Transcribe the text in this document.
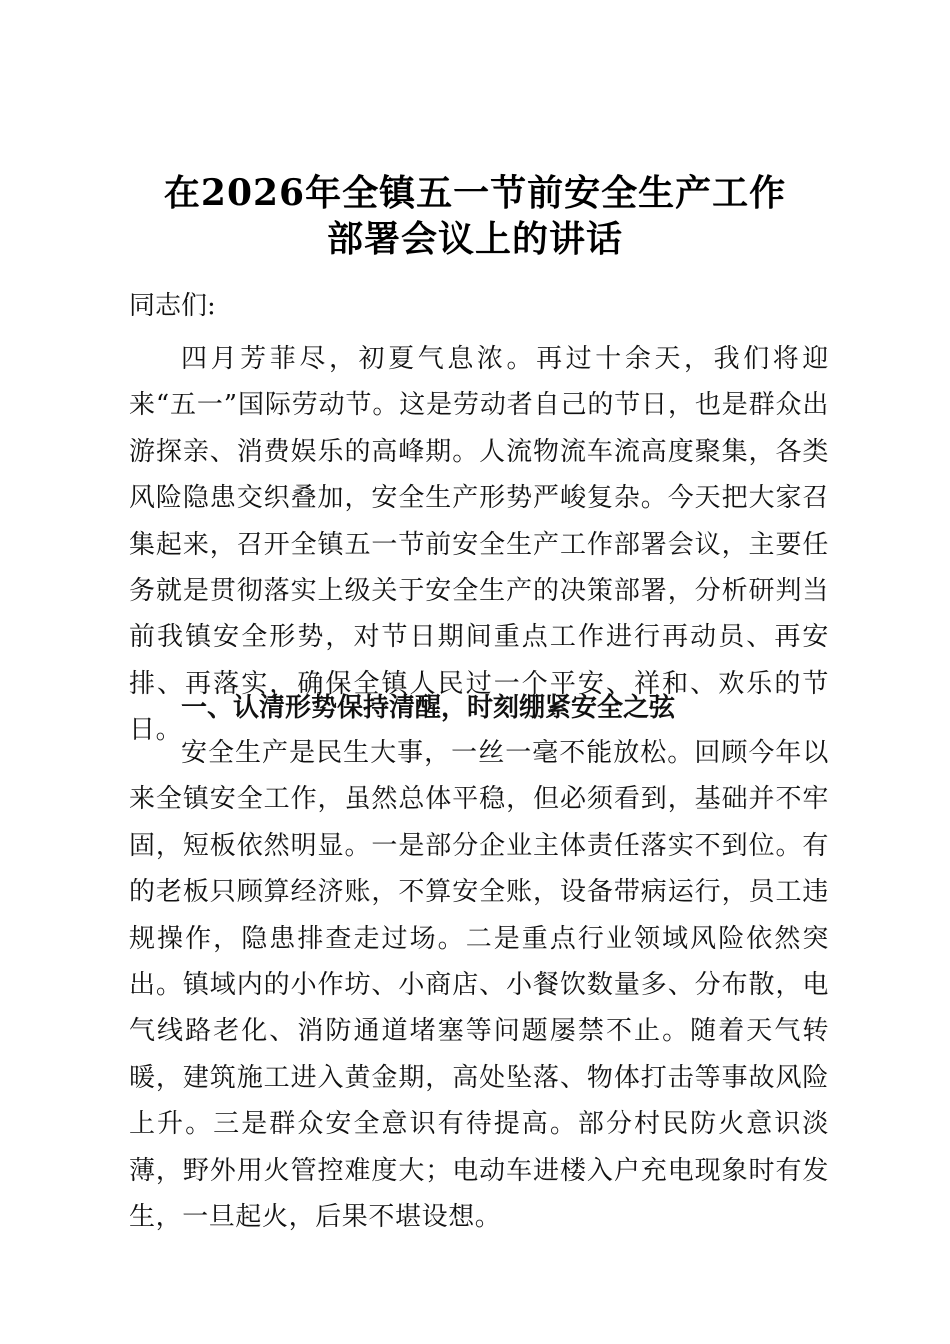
在2026年全镇五一节前安全生产工作
部署会议上的讲话
同志们:

四月芳菲尽，初夏气息浓。再过十余天，我们将迎来“五一”国际劳动节。这是劳动者自己的节日，也是群众出游探亲、消费娱乐的高峰期。人流物流车流高度聚集，各类风险隐患交织叠加，安全生产形势严峻复杂。今天把大家召集起来，召开全镇五一节前安全生产工作部署会议，主要任务就是贯彻落实上级关于安全生产的决策部署，分析研判当前我镇安全形势，对节日期间重点工作进行再动员、再安排、再落实，确保全镇人民过一个平安、祥和、欢乐的节日。

一、认清形势保持清醒，时刻绷紧安全之弦

安全生产是民生大事，一丝一毫不能放松。回顾今年以来全镇安全工作，虽然总体平稳，但必须看到，基础并不牢固，短板依然明显。一是部分企业主体责任落实不到位。有的老板只顾算经济账，不算安全账，设备带病运行，员工违规操作，隐患排查走过场。二是重点行业领域风险依然突出。镇域内的小作坊、小商店、小餐饮数量多、分布散，电气线路老化、消防通道堵塞等问题屡禁不止。随着天气转暖，建筑施工进入黄金期，高处坠落、物体打击等事故风险上升。三是群众安全意识有待提高。部分村民防火意识淡薄，野外用火管控难度大；电动车进楼入户充电现象时有发生，一旦起火，后果不堪设想。
